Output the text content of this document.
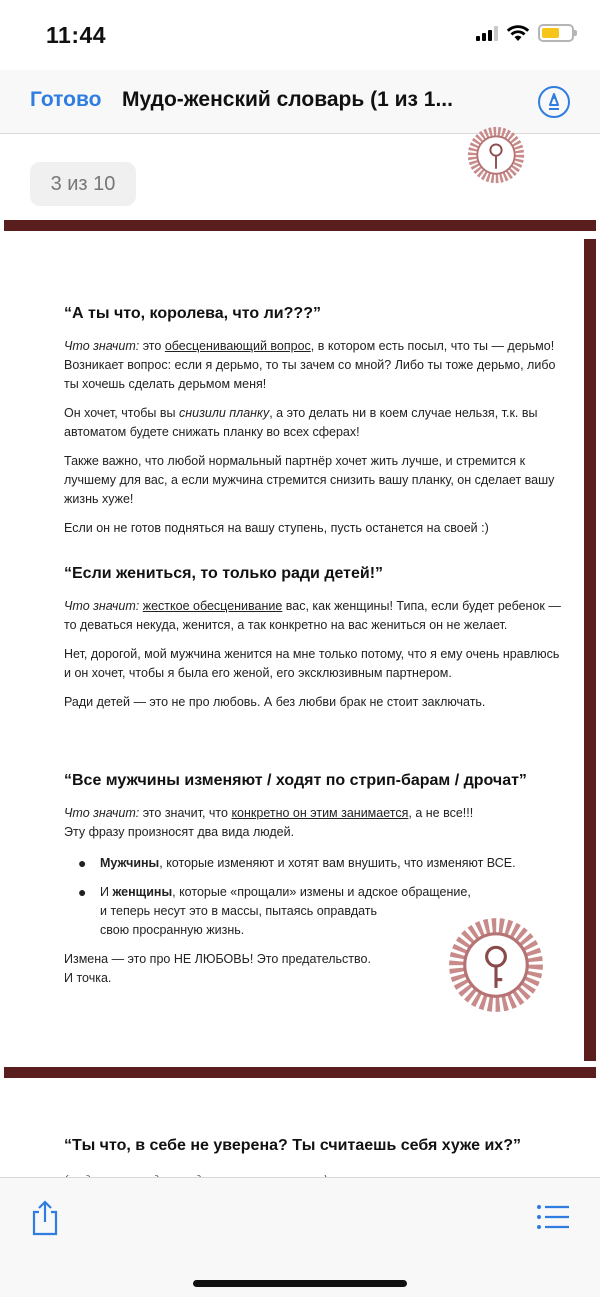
11:44
Готово Мудо-женский словарь (1 из 1...
3 из 10
“А ты что, королева, что ли???”
Что значит: это обесценивающий вопрос, в котором есть посыл, что ты — дерьмо! Возникает вопрос: если я дерьмо, то ты зачем со мной? Либо ты тоже дерьмо, либо ты хочешь сделать дерьмом меня!
Он хочет, чтобы вы снизили планку, а это делать ни в коем случае нельзя, т.к. вы автоматом будете снижать планку во всех сферах!
Также важно, что любой нормальный партнёр хочет жить лучше, и стремится к лучшему для вас, а если мужчина стремится снизить вашу планку, он сделает вашу жизнь хуже!
Если он не готов подняться на вашу ступень, пусть останется на своей :)
“Если жениться, то только ради детей!”
Что значит: жесткое обесценивание вас, как женщины! Типа, если будет ребенок — то деваться некуда, женится, а так конкретно на вас жениться он не желает.
Нет, дорогой, мой мужчина женится на мне только потому, что я ему очень нравлюсь и он хочет, чтобы я была его женой, его эксклюзивным партнером.
Ради детей — это не про любовь. А без любви брак не стоит заключать.
“Все мужчины изменяют / ходят по стрип-барам / дрочат”
Что значит: это значит, что конкретно он этим занимается, а не все!!!
Эту фразу произносят два вида людей.
● Мужчины, которые изменяют и хотят вам внушить, что изменяют ВСЕ.
● И женщины, которые «прощали» измены и адское обращение,
и теперь несут это в массы, пытаясь оправдать
свою просранную жизнь.
Измена — это про НЕ ЛЮБОВЬ! Это предательство.
И точка.
“Ты что, в себе не уверена? Ты считаешь себя хуже их?”
